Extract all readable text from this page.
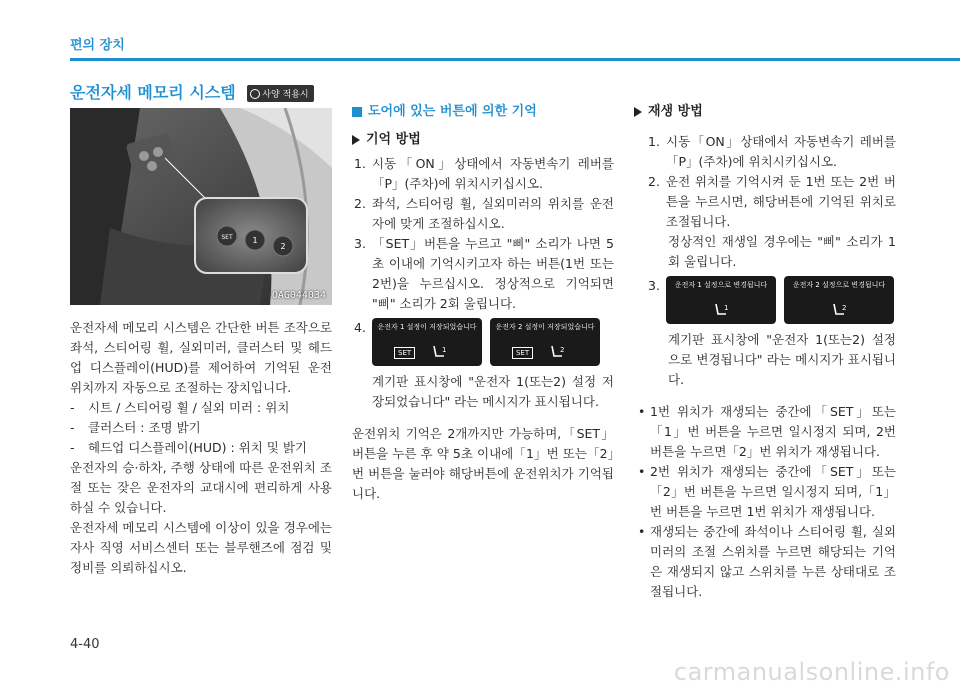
편의 장치
운전자세 메모리 시스템	사양 적용시
SET 1
2
OAG044034
운전자세 메모리 시스템은 간단한 버튼 조작으로 좌석, 스티어링 휠, 실외미러, 클러스터 및 헤드업 디스플레이(HUD)를 제어하여 기억된 운전 위치까지 자동으로 조절하는 장치입니다.
-	시트 / 스티어링 휠 / 실외 미러 : 위치
-	클러스터 : 조명 밝기
-	헤드업 디스플레이(HUD) : 위치 및 밝기
운전자의 승·하차, 주행 상태에 따른 운전위치 조절 또는 잦은 운전자의 교대시에 편리하게 사용하실 수 있습니다.
운전자세 메모리 시스템에 이상이 있을 경우에는 자사 직영 서비스센터 또는 블루핸즈에 점검 및 정비를 의뢰하십시오.
도어에 있는 버튼에 의한 기억
기억 방법
1. 시동「ON」상태에서 자동변속기 레버를「P」(주차)에 위치시키십시오.
2. 좌석, 스티어링 휠, 실외미러의 위치를 운전자에 맞게 조절하십시오.
3. 「SET」버튼을 누르고 "삐" 소리가 나면 5초 이내에 기억시키고자 하는 버튼(1번 또는 2번)을 누르십시오. 정상적으로 기억되면 "삐" 소리가 2회 울립니다.
4.	운전자 1 설정이 저장되었습니다
SET	1

운전자 2 설정이 저장되었습니다
SET	2
계기판 표시창에 "운전자 1(또는2) 설정 저장되었습니다" 라는 메시지가 표시됩니다.
운전위치 기억은 2개까지만 가능하며,「SET」버튼을 누른 후 약 5초 이내에「1」번 또는「2」번 버튼을 눌러야 해당버튼에 운전위치가 기억됩니다.
재생 방법
1. 시동「ON」상태에서 자동변속기 레버를「P」(주차)에 위치시키십시오.
2. 운전 위치를 기억시켜 둔 1번 또는 2번 버튼을 누르시면, 해당버튼에 기억된 위치로 조절됩니다.
정상적인 재생일 경우에는 "삐" 소리가 1회 울립니다.
3.	운전자 1 설정으로 변경됩니다
1

운전자 2 설정으로 변경됩니다
2
계기판 표시창에 "운전자 1(또는2) 설정으로 변경됩니다" 라는 메시지가 표시됩니다.
• 1번 위치가 재생되는 중간에「SET」또는「1」번 버튼을 누르면 일시정지 되며, 2번 버튼을 누르면「2」번 위치가 재생됩니다.
• 2번 위치가 재생되는 중간에「SET」또는「2」번 버튼을 누르면 일시정지 되며,「1」번 버튼을 누르면 1번 위치가 재생됩니다.
• 재생되는 중간에 좌석이나 스티어링 휠, 실외 미러의 조절 스위치를 누르면 해당되는 기억은 재생되지 않고 스위치를 누른 상태대로 조절됩니다.
4-40
carmanualsonline.info
